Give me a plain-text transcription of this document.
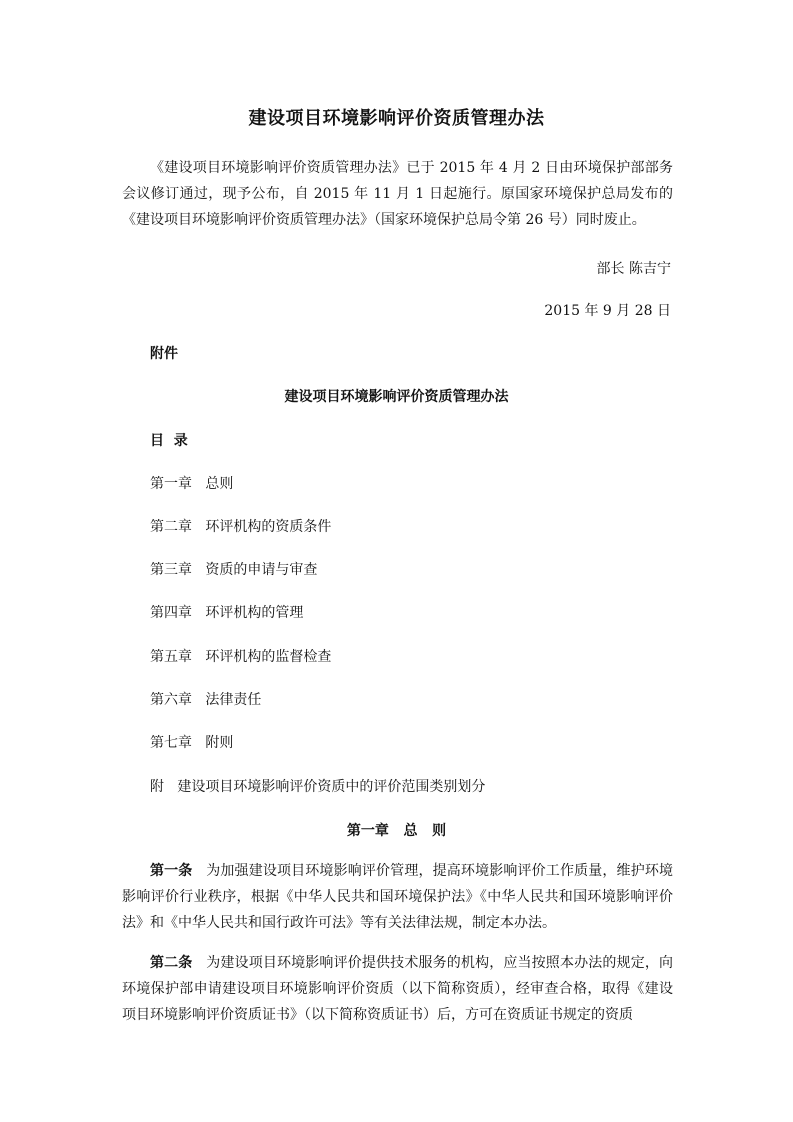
建设项目环境影响评价资质管理办法

《建设项目环境影响评价资质管理办法》已于 2015 年 4 月 2 日由环境保护部部务会议修订通过，现予公布，自 2015 年 11 月 1 日起施行。原国家环境保护总局发布的《建设项目环境影响评价资质管理办法》（国家环境保护总局令第 26 号）同时废止。

部长 陈吉宁
2015 年 9 月 28 日
附件
建设项目环境影响评价资质管理办法
目  录
第一章   总则
第二章   环评机构的资质条件
第三章   资质的申请与审查
第四章   环评机构的管理
第五章   环评机构的监督检查
第六章   法律责任
第七章   附则
附   建设项目环境影响评价资质中的评价范围类别划分
第一章   总   则

第一条 为加强建设项目环境影响评价管理，提高环境影响评价工作质量，维护环境影响评价行业秩序，根据《中华人民共和国环境保护法》《中华人民共和国环境影响评价法》和《中华人民共和国行政许可法》等有关法律法规，制定本办法。

第二条 为建设项目环境影响评价提供技术服务的机构，应当按照本办法的规定，向环境保护部申请建设项目环境影响评价资质（以下简称资质），经审查合格，取得《建设项目环境影响评价资质证书》（以下简称资质证书）后，方可在资质证书规定的资质
